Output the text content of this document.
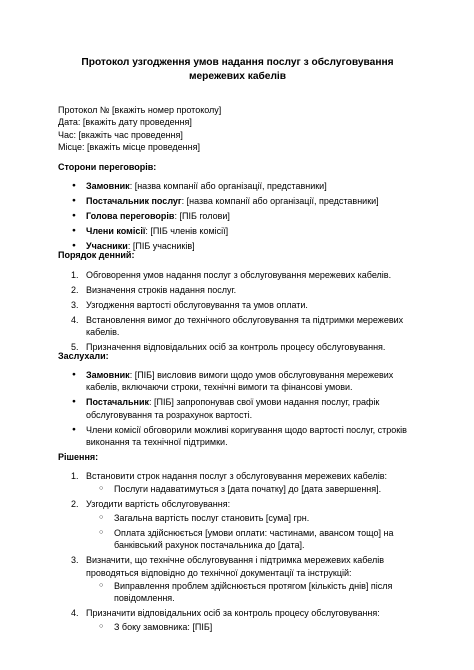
Протокол узгодження умов надання послуг з обслуговування мережевих кабелів
Протокол № [вкажіть номер протоколу]
Дата: [вкажіть дату проведення]
Час: [вкажіть час проведення]
Місце: [вкажіть місце проведення]
Сторони переговорів:
● Замовник: [назва компанії або організації, представники]
● Постачальник послуг: [назва компанії або організації, представники]
● Голова переговорів: [ПІБ голови]
● Члени комісії: [ПІБ членів комісії]
● Учасники: [ПІБ учасників]
Порядок денний:
1. Обговорення умов надання послуг з обслуговування мережевих кабелів.
2. Визначення строків надання послуг.
3. Узгодження вартості обслуговування та умов оплати.
4. Встановлення вимог до технічного обслуговування та підтримки мережевих кабелів.
5. Призначення відповідальних осіб за контроль процесу обслуговування.
Заслухали:
● Замовник: [ПІБ] висловив вимоги щодо умов обслуговування мережевих кабелів, включаючи строки, технічні вимоги та фінансові умови.
● Постачальник: [ПІБ] запропонував свої умови надання послуг, графік обслуговування та розрахунок вартості.
● Члени комісії обговорили можливі коригування щодо вартості послуг, строків виконання та технічної підтримки.
Рішення:
1. Встановити строк надання послуг з обслуговування мережевих кабелів:
○ Послуги надаватимуться з [дата початку] до [дата завершення].
2. Узгодити вартість обслуговування:
○ Загальна вартість послуг становить [сума] грн.
○ Оплата здійснюється [умови оплати: частинами, авансом тощо] на банківський рахунок постачальника до [дата].
3. Визначити, що технічне обслуговування і підтримка мережевих кабелів проводяться відповідно до технічної документації та інструкцій:
○ Виправлення проблем здійснюється протягом [кількість днів] після повідомлення.
4. Призначити відповідальних осіб за контроль процесу обслуговування:
○ З боку замовника: [ПІБ]
